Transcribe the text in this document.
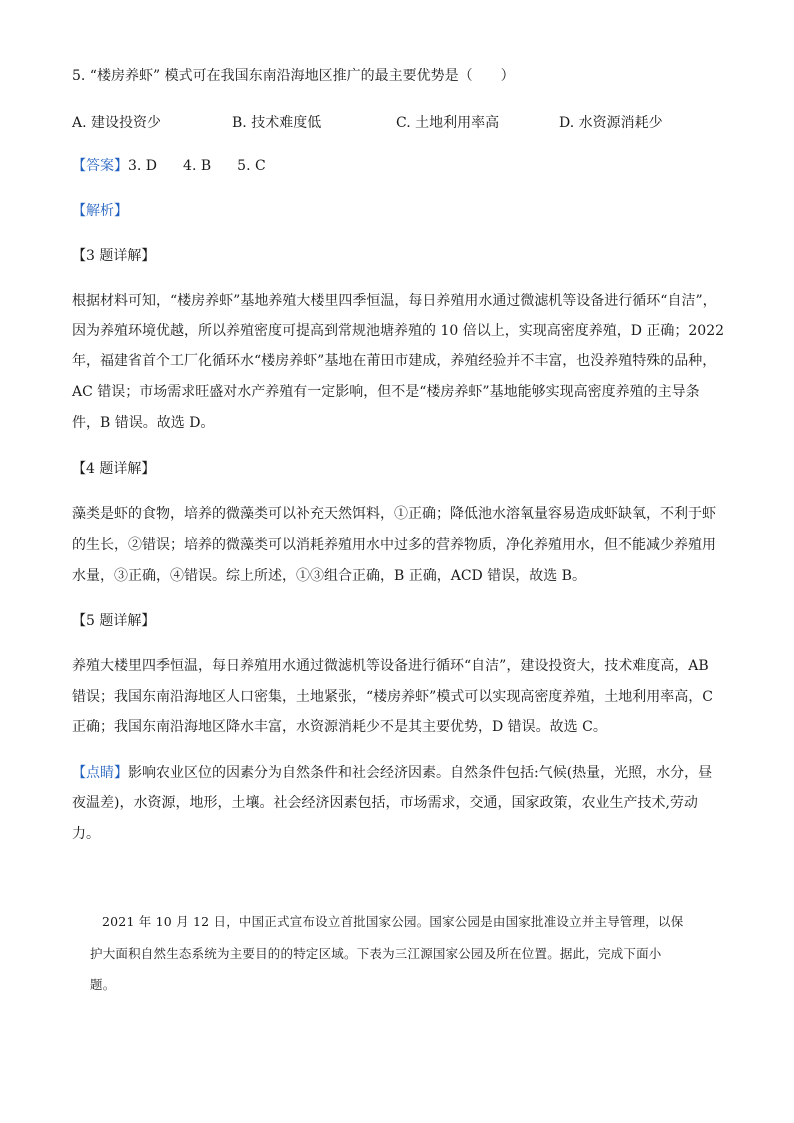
5. “楼房养虾” 模式可在我国东南沿海地区推广的最主要优势是（　　）
A. 建设投资少	B. 技术难度低	C. 土地利用率高	D. 水资源消耗少
【答案】3. D 4. B 5. C
【解析】
【3 题详解】
根据材料可知，“楼房养虾”基地养殖大楼里四季恒温，每日养殖用水通过微滤机等设备进行循环“自洁”，
因为养殖环境优越，所以养殖密度可提高到常规池塘养殖的 10 倍以上，实现高密度养殖，D 正确；2022
年，福建省首个工厂化循环水“楼房养虾”基地在莆田市建成，养殖经验并不丰富，也没养殖特殊的品种，
AC 错误；市场需求旺盛对水产养殖有一定影响，但不是“楼房养虾”基地能够实现高密度养殖的主导条
件，B 错误。故选 D。
【4 题详解】
藻类是虾的食物，培养的微藻类可以补充天然饵料，①正确；降低池水溶氧量容易造成虾缺氧，不利于虾
的生长，②错误；培养的微藻类可以消耗养殖用水中过多的营养物质，净化养殖用水，但不能减少养殖用
水量，③正确，④错误。综上所述，①③组合正确，B 正确，ACD 错误，故选 B。
【5 题详解】
养殖大楼里四季恒温，每日养殖用水通过微滤机等设备进行循环“自洁”，建设投资大，技术难度高，AB
错误；我国东南沿海地区人口密集，土地紧张，“楼房养虾”模式可以实现高密度养殖，土地利用率高，C
正确；我国东南沿海地区降水丰富，水资源消耗少不是其主要优势，D 错误。故选 C。
【点睛】影响农业区位的因素分为自然条件和社会经济因素。自然条件包括:气候(热量，光照，水分，昼
夜温差)，水资源，地形，土壤。社会经济因素包括，市场需求，交通，国家政策，农业生产技术,劳动
力。
2021 年 10 月 12 日，中国正式宣布设立首批国家公园。国家公园是由国家批准设立并主导管理，以保
护大面积自然生态系统为主要目的的特定区域。下表为三江源国家公园及所在位置。据此，完成下面小
题。
